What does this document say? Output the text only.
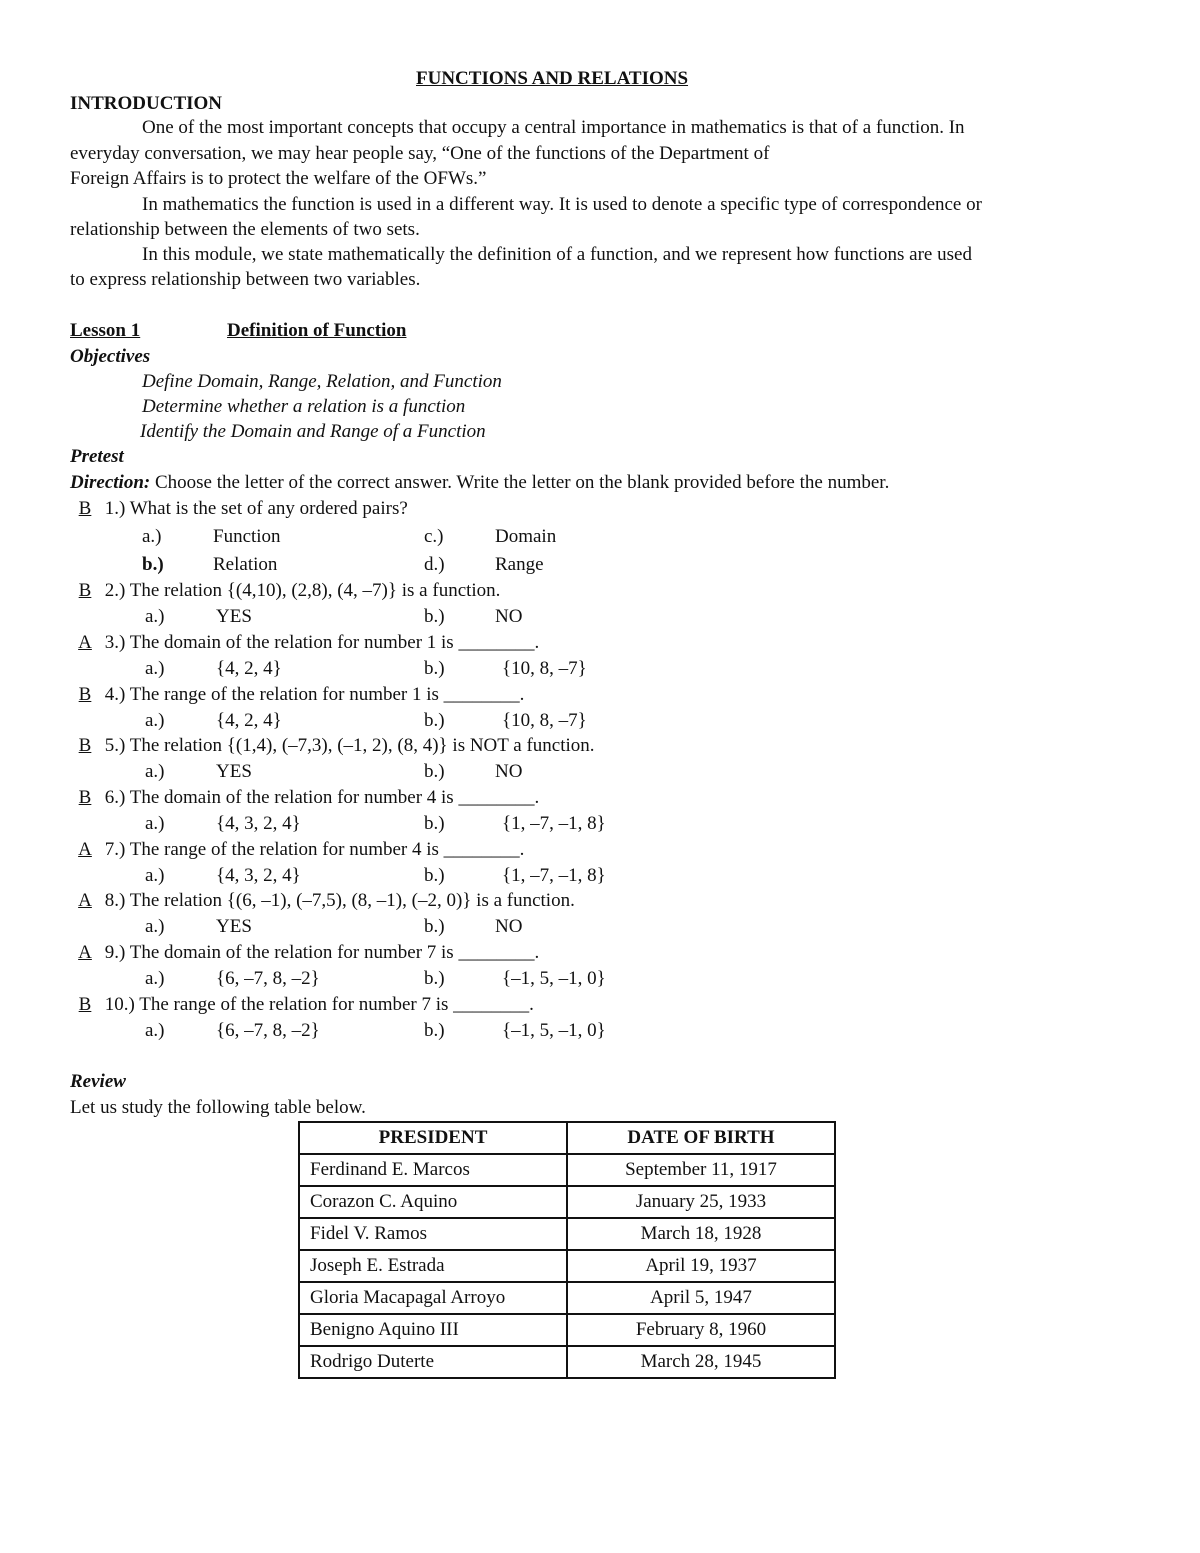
FUNCTIONS AND RELATIONS
INTRODUCTION
One of the most important concepts that occupy a central importance in mathematics is that of a function. In
everyday conversation, we may hear people say, “One of the functions of the Department of
Foreign Affairs is to protect the welfare of the OFWs.”
In mathematics the function is used in a different way. It is used to denote a specific type of correspondence or
relationship between the elements of two sets.
In this module, we state mathematically the definition of a function, and we represent how functions are used
to express relationship between two variables.
Lesson 1	Definition of Function
Objectives
Define Domain, Range, Relation, and Function
Determine whether a relation is a function
Identify the Domain and Range of a Function
Pretest
Direction: Choose the letter of the correct answer. Write the letter on the blank provided before the number.
B 1.) What is the set of any ordered pairs?
a.)	Function	c.)	Domain
b.)	Relation	d.)	Range
B 2.) The relation {(4,10), (2,8), (4, –7)} is a function.
a.)	YES	b.)	NO
A 3.) The domain of the relation for number 1 is ________.
a.)	{4, 2, 4}	b.)	{10, 8, –7}
B 4.) The range of the relation for number 1 is ________.
a.)	{4, 2, 4}	b.)	{10, 8, –7}
B 5.) The relation {(1,4), (–7,3), (–1, 2), (8, 4)} is NOT a function.
a.)	YES	b.)	NO
B 6.) The domain of the relation for number 4 is ________.
a.)	{4, 3, 2, 4}	b.)	{1, –7, –1, 8}
A 7.) The range of the relation for number 4 is ________.
a.)	{4, 3, 2, 4}	b.)	{1, –7, –1, 8}
A 8.) The relation {(6, –1), (–7,5), (8, –1), (–2, 0)} is a function.
a.)	YES	b.)	NO
A 9.) The domain of the relation for number 7 is ________.
a.)	{6, –7, 8, –2}	b.)	{–1, 5, –1, 0}
B 10.) The range of the relation for number 7 is ________.
a.)	{6, –7, 8, –2}	b.)	{–1, 5, –1, 0}
Review
Let us study the following table below.
PRESIDENT	DATE OF BIRTH
Ferdinand E. Marcos	September 11, 1917
Corazon C. Aquino	January 25, 1933
Fidel V. Ramos	March 18, 1928
Joseph E. Estrada	April 19, 1937
Gloria Macapagal Arroyo	April 5, 1947
Benigno Aquino III	February 8, 1960
Rodrigo Duterte	March 28, 1945
